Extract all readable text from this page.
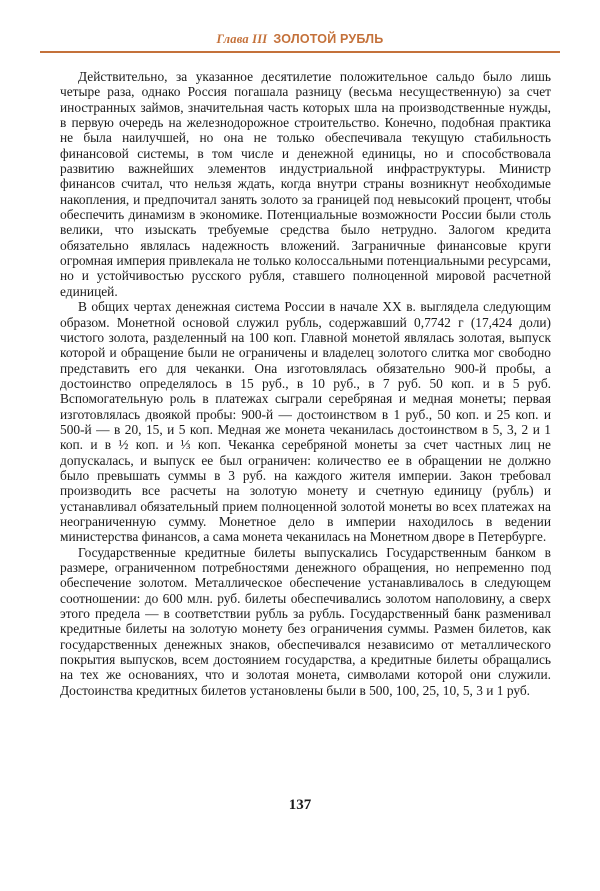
Глава III ЗОЛОТОЙ РУБЛЬ

Действительно, за указанное десятилетие положительное сальдо было лишь четыре раза, однако Россия погашала разницу (весьма несущественную) за счет иностранных займов, значительная часть которых шла на производственные нужды, в первую очередь на железнодорожное строительство. Конечно, подобная практика не была наилучшей, но она не только обеспечивала текущую стабильность финансовой системы, в том числе и денежной единицы, но и способствовала развитию важнейших элементов индустриальной инфраструктуры. Министр финансов считал, что нельзя ждать, когда внутри страны возникнут необходимые накопления, и предпочитал занять золото за границей под невысокий процент, чтобы обеспечить динамизм в экономике. Потенциальные возможности России были столь велики, что изыскать требуемые средства было нетрудно. Залогом кредита обязательно являлась надежность вложений. Заграничные финансовые круги огромная империя привлекала не только колоссальными потенциальными ресурсами, но и устойчивостью русского рубля, ставшего полноценной мировой расчетной единицей.

В общих чертах денежная система России в начале XX в. выглядела следующим образом. Монетной основой служил рубль, содержавший 0,7742 г (17,424 доли) чистого золота, разделенный на 100 коп. Главной монетой являлась золотая, выпуск которой и обращение были не ограничены и владелец золотого слитка мог свободно представить его для чеканки. Она изготовлялась обязательно 900-й пробы, а достоинство определялось в 15 руб., в 10 руб., в 7 руб. 50 коп. и в 5 руб. Вспомогательную роль в платежах сыграли серебряная и медная монеты; первая изготовлялась двоякой пробы: 900-й — достоинством в 1 руб., 50 коп. и 25 коп. и 500-й — в 20, 15, и 5 коп. Медная же монета чеканилась достоинством в 5, 3, 2 и 1 коп. и в ½ коп. и ⅓ коп. Чеканка серебряной монеты за счет частных лиц не допускалась, и выпуск ее был ограничен: количество ее в обращении не должно было превышать суммы в 3 руб. на каждого жителя империи. Закон требовал производить все расчеты на золотую монету и счетную единицу (рубль) и устанавливал обязательный прием полноценной золотой монеты во всех платежах на неограниченную сумму. Монетное дело в империи находилось в ведении министерства финансов, а сама монета чеканилась на Монетном дворе в Петербурге.

Государственные кредитные билеты выпускались Государственным банком в размере, ограниченном потребностями денежного обращения, но непременно под обеспечение золотом. Металлическое обеспечение устанавливалось в следующем соотношении: до 600 млн. руб. билеты обеспечивались золотом наполовину, а сверх этого предела — в соответствии рубль за рубль. Государственный банк разменивал кредитные билеты на золотую монету без ограничения суммы. Размен билетов, как государственных денежных знаков, обеспечивался независимо от металлического покрытия выпусков, всем достоянием государства, а кредитные билеты обращались на тех же основаниях, что и золотая монета, символами которой они служили. Достоинства кредитных билетов установлены были в 500, 100, 25, 10, 5, 3 и 1 руб.

137
